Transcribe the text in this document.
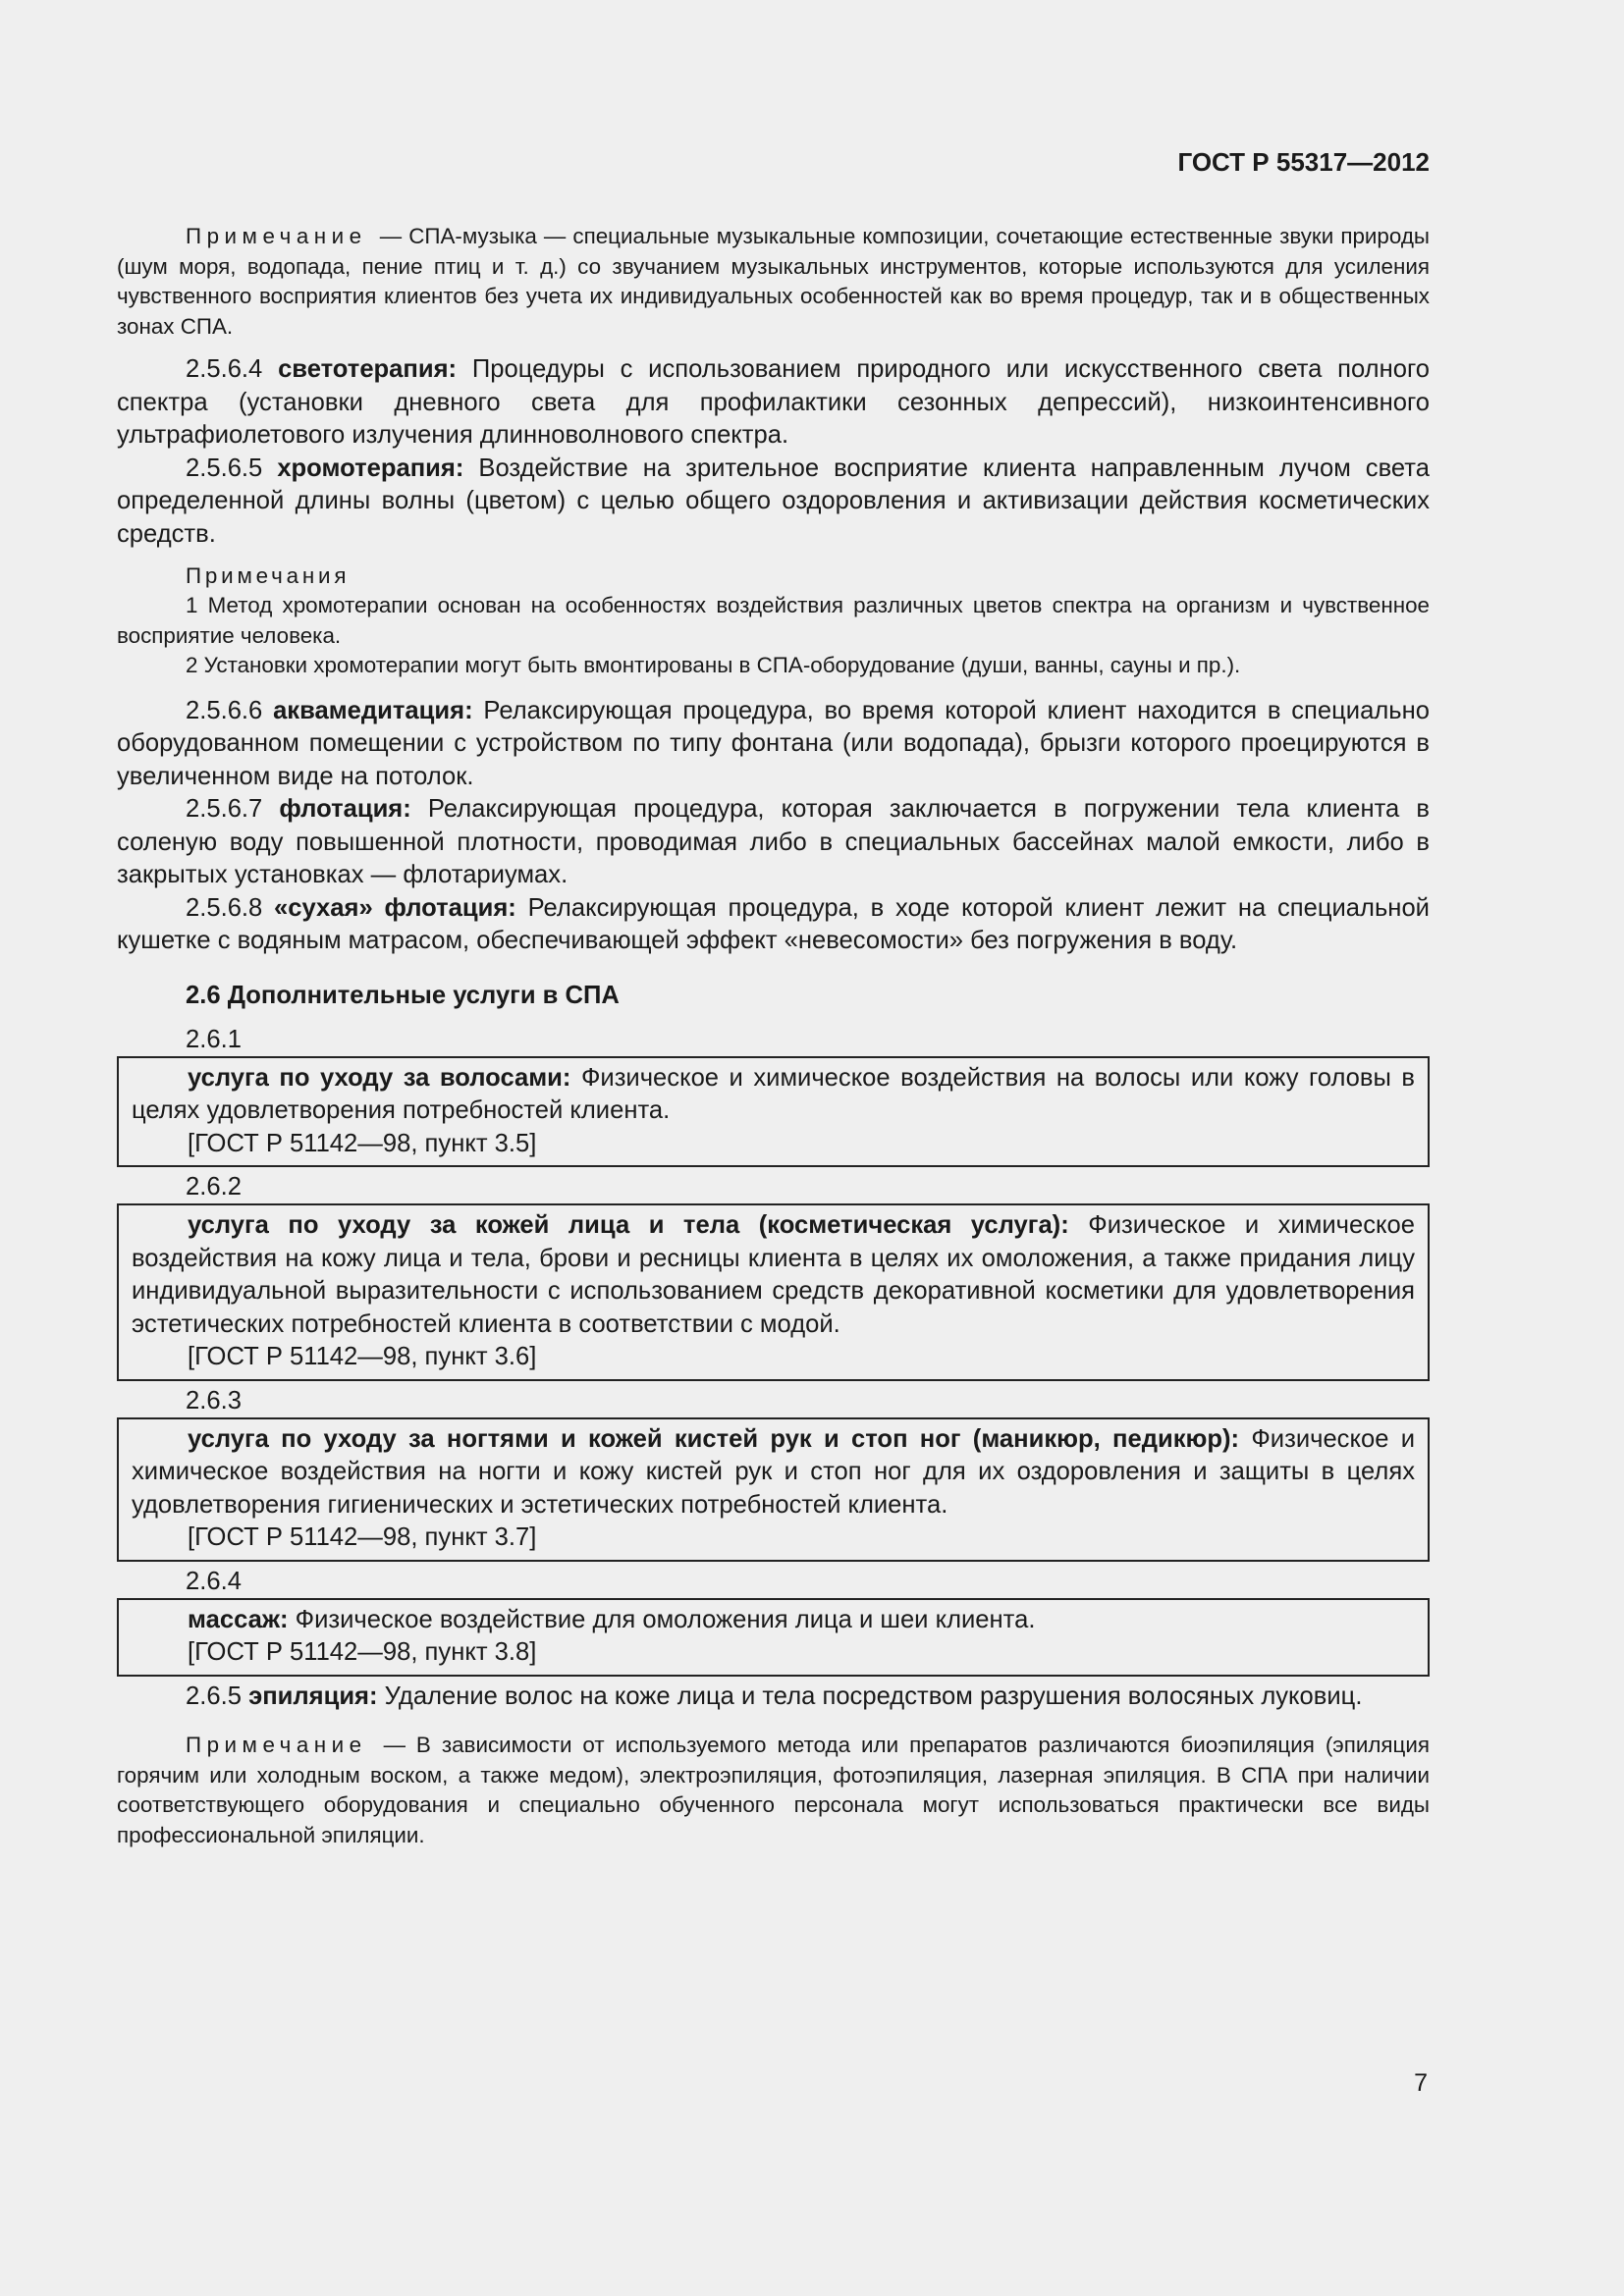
ГОСТ Р 55317—2012

Примечание — СПА-музыка — специальные музыкальные композиции, сочетающие естественные звуки природы (шум моря, водопада, пение птиц и т. д.) со звучанием музыкальных инструментов, которые используются для усиления чувственного восприятия клиентов без учета их индивидуальных особенностей как во время процедур, так и в общественных зонах СПА.

2.5.6.4 светотерапия: Процедуры с использованием природного или искусственного света полного спектра (установки дневного света для профилактики сезонных депрессий), низкоинтенсивного ультрафиолетового излучения длинноволнового спектра.

2.5.6.5 хромотерапия: Воздействие на зрительное восприятие клиента направленным лучом света определенной длины волны (цветом) с целью общего оздоровления и активизации действия косметических средств.

Примечания

1 Метод хромотерапии основан на особенностях воздействия различных цветов спектра на организм и чувственное восприятие человека.

2 Установки хромотерапии могут быть вмонтированы в СПА-оборудование (души, ванны, сауны и пр.).

2.5.6.6 аквамедитация: Релаксирующая процедура, во время которой клиент находится в специально оборудованном помещении с устройством по типу фонтана (или водопада), брызги которого проецируются в увеличенном виде на потолок.

2.5.6.7 флотация: Релаксирующая процедура, которая заключается в погружении тела клиента в соленую воду повышенной плотности, проводимая либо в специальных бассейнах малой емкости, либо в закрытых установках — флотариумах.

2.5.6.8 «сухая» флотация: Релаксирующая процедура, в ходе которой клиент лежит на специальной кушетке с водяным матрасом, обеспечивающей эффект «невесомости» без погружения в воду.

2.6 Дополнительные услуги в СПА

2.6.1

услуга по уходу за волосами: Физическое и химическое воздействия на волосы или кожу головы в целях удовлетворения потребностей клиента.

[ГОСТ Р 51142—98, пункт 3.5]

2.6.2

услуга по уходу за кожей лица и тела (косметическая услуга): Физическое и химическое воздействия на кожу лица и тела, брови и ресницы клиента в целях их омоложения, а также придания лицу индивидуальной выразительности с использованием средств декоративной косметики для удовлетворения эстетических потребностей клиента в соответствии с модой.

[ГОСТ Р 51142—98, пункт 3.6]

2.6.3

услуга по уходу за ногтями и кожей кистей рук и стоп ног (маникюр, педикюр): Физическое и химическое воздействия на ногти и кожу кистей рук и стоп ног для их оздоровления и защиты в целях удовлетворения гигиенических и эстетических потребностей клиента.

[ГОСТ Р 51142—98, пункт 3.7]

2.6.4

массаж: Физическое воздействие для омоложения лица и шеи клиента.

[ГОСТ Р 51142—98, пункт 3.8]

2.6.5 эпиляция: Удаление волос на коже лица и тела посредством разрушения волосяных луковиц.

Примечание — В зависимости от используемого метода или препаратов различаются биоэпиляция (эпиляция горячим или холодным воском, а также медом), электроэпиляция, фотоэпиляция, лазерная эпиляция. В СПА при наличии соответствующего оборудования и специально обученного персонала могут использоваться практически все виды профессиональной эпиляции.

7
